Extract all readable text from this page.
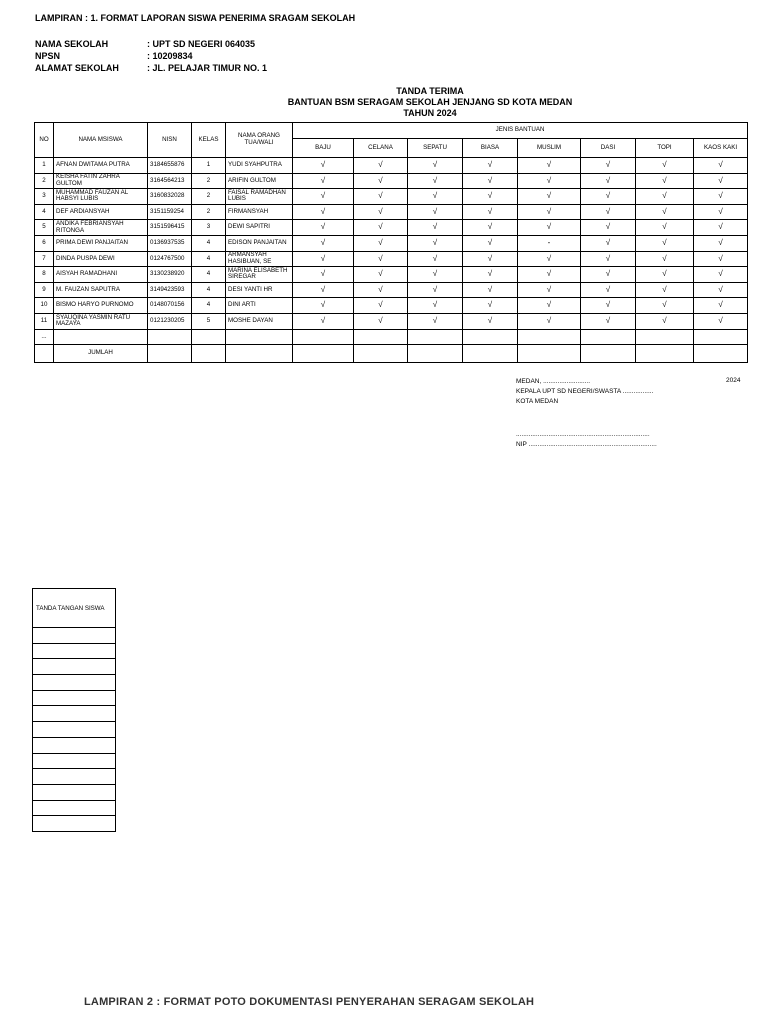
LAMPIRAN : 1. FORMAT LAPORAN SISWA PENERIMA SRAGAM SEKOLAH
NAMA SEKOLAH	: UPT SD NEGERI 064035
NPSN	: 10209834
ALAMAT SEKOLAH	: JL. PELAJAR TIMUR NO. 1
TANDA TERIMA
BANTUAN BSM SERAGAM SEKOLAH JENJANG SD KOTA MEDAN
TAHUN 2024
NO	NAMA MSISWA	NISN	KELAS	NAMA ORANG TUA/WALI	JENIS BANTUAN							
					BAJU	CELANA	SEPATU	BIASA	MUSLIM	DASI	TOPI	KAOS KAKI
1	AFNAN DWITAMA PUTRA	3184655876	1	YUDI SYAHPUTRA	√	√	√	√	√	√	√	√
2	KEISHA FATIN ZAHRA GULTOM	3164564213	2	ARIFIN GULTOM	√	√	√	√	√	√	√	√
3	MUHAMMAD FAUZAN AL HABSYI LUBIS	3160832028	2	FAISAL RAMADHAN LUBIS	√	√	√	√	√	√	√	√
4	DEF ARDIANSYAH	3151159254	2	FIRMANSYAH	√	√	√	√	√	√	√	√
5	ANDIKA FEBRIANSYAH RITONGA	3151596415	3	DEWI SAPITRI	√	√	√	√	√	√	√	√
6	PRIMA DEWI PANJAITAN	0136937535	4	EDISON PANJAITAN	√	√	√	√	-	√	√	√
7	DINDA PUSPA DEWI	0124767500	4	ARMANSYAH HASIBUAN, SE	√	√	√	√	√	√	√	√
8	AISYAH RAMADHANI	3130238920	4	MARINA ELISABETH SIREGAR	√	√	√	√	√	√	√	√
9	M. FAUZAN SAPUTRA	3149423593	4	DESI YANTI HR	√	√	√	√	√	√	√	√
10	BISMO HARYO PURNOMO	0148070156	4	DINI ARTI	√	√	√	√	√	√	√	√
11	SYAUQINA YASMIN RATU MAZAYA	0121230205	5	MOSHE DAYAN	√	√	√	√	√	√	√	√
...												
	JUMLAH											
MEDAN, ..........................
KEPALA UPT SD NEGERI/SWASTA .................
KOTA MEDAN
2024
..........................................................................
NIP .......................................................................
TANDA TANGAN SISWA

LAMPIRAN 2 : FORMAT POTO DOKUMENTASI PENYERAHAN SERAGAM SEKOLAH
